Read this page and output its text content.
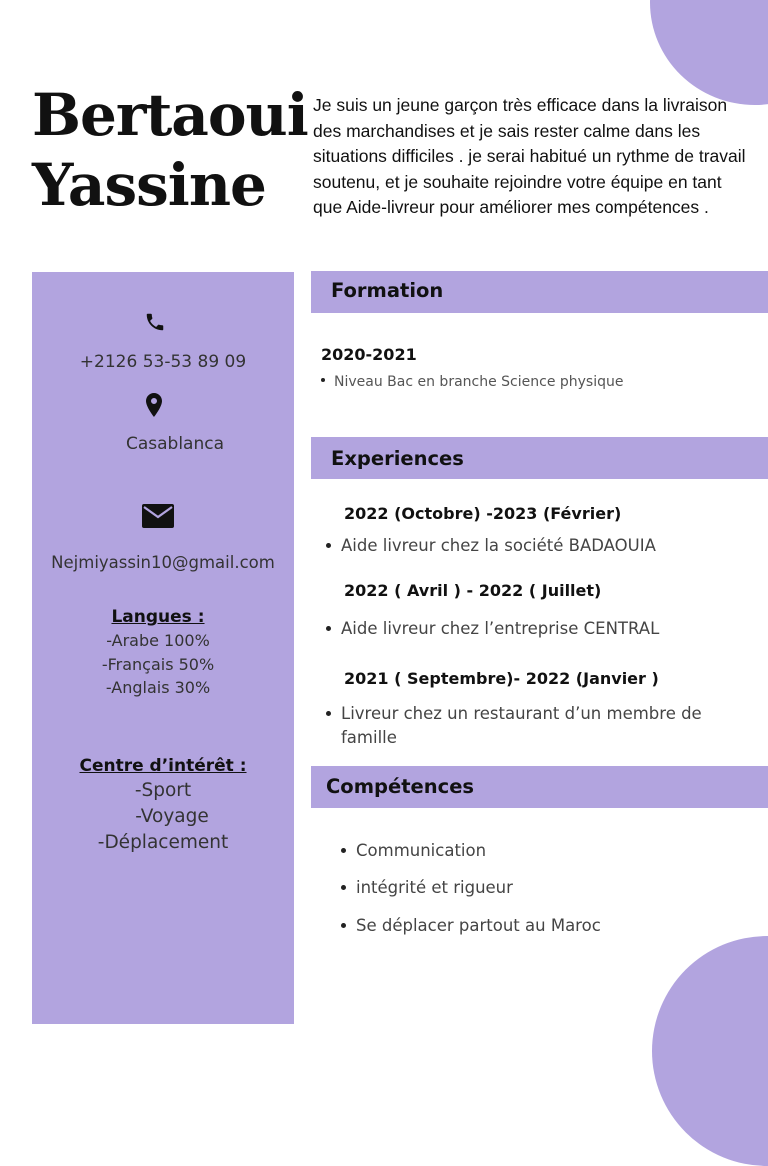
Bertaoui
Yassine

Je suis un jeune garçon très efficace dans la livraison des marchandises et je sais rester calme dans les situations difficiles . je serai habitué un rythme de travail soutenu, et je souhaite rejoindre votre équipe en tant que Aide-livreur pour améliorer mes compétences .

+2126 53-53 89 09
Casablanca
Nejmiyassin10@gmail.com
Langues :
-Arabe 100%
-Français 50%
-Anglais 30%
Centre d’intérêt :
-Sport
-Voyage
-Déplacement
Formation
2020-2021
Niveau Bac en branche Science physique
Experiences
2022 (Octobre) -2023 (Février)
Aide livreur chez la société BADAOUIA
2022 ( Avril ) - 2022 ( Juillet)
Aide livreur chez l’entreprise CENTRAL
2021 ( Septembre)- 2022 (Janvier )
Livreur chez un restaurant d’un membre de
famille
Compétences
Communication
intégrité et rigueur
Se déplacer partout au Maroc
